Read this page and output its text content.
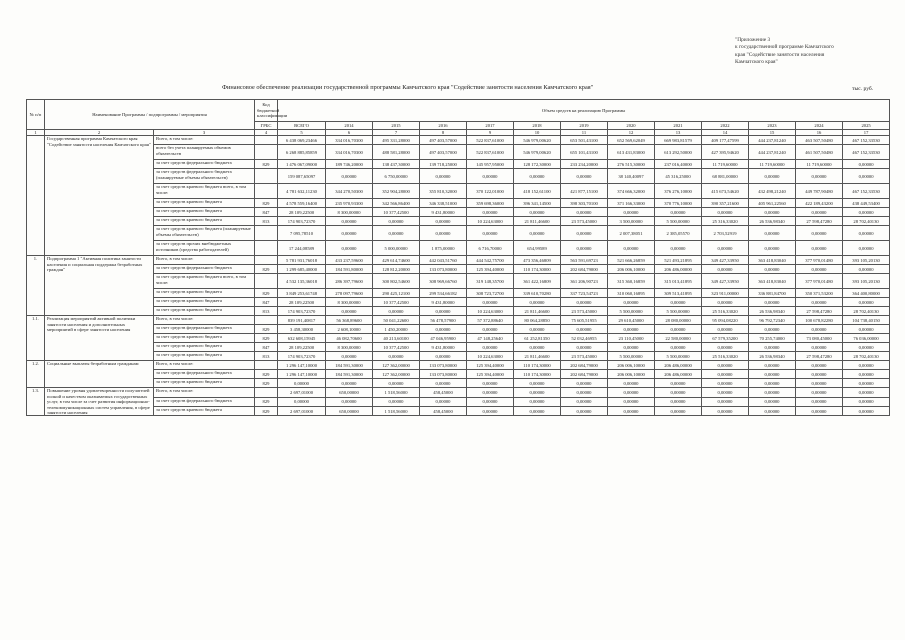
"Приложение 3
к государственной программе Камчатского
края "Содействие занятости населения
Камчатского края"
Финансовое обеспечение реализации государственной программы Камчатского края "Содействие занятости населения Камчатского края"	тыс. руб.
№ п/п	Наименование Программы / подпрограммы / мероприятия		Код бюджетной классификации	Объем средств на реализацию Программы												
			ГРБС	ВСЕГО	2014	2015	2016	2017	2018	2019	2020	2021	2022	2023	2024	2025
1	2	3	4	5	6	7	8	9	10	11	12	13	14	15	16	17
	Государственная программа Камчатского края "Содействие занятости населения Камчатского края"	Всего, в том числе:		6 438 069,23466	334 016,70300	495 331,28000	497 403,57000	522 837,61000	546 979,00620	653 501,43100	652 569,62049	669 983,81579	409 177,47599	444 237,81240	463 507,50480	467 152,33530
		всего без учета планируемых объемов обязательств		6 268 885,85859	334 016,70300	488 581,28000	497 403,57000	522 837,61000	546 979,00620	655 101,43100	613 431,83000	613 292,50000	427 395,94620	444 237,81240	461 507,50480	467 152,33530
		за счет средств федерального бюджета	829	1 476 067,09000	189 746,20000	138 437,30000	139 718,25000	145 957,95000	128 172,30000	233 234,20000	276 515,30000	237 016,40000	11 719,60000	11 719,60000	11 719,60000	0,00000
		за счет средств федерального бюджета (планируемые объемы обязательств)		159 087,65097	0,00000	6 750,00000	0,00000	0,00000	0,00000	0,00000	38 140,40097	45 316,25000	68 881,00000	0,00000	0,00000	0,00000
		за счет средств краевого бюджета всего, в том числе:		4 781 632,11230	344 270,50300	352 904,28000	355 810,32000	370 122,01000	418 152,61100	421 877,15100	374 666,32000	376 276,10000	415 673,54620	432 498,21240	449 787,90480	467 152,33530
		за счет средств краевого бюджета	829	4 578 559,16400	235 970,93300	342 566,86400	346 338,51000	359 698,36000	396 341,14500	398 303,70100	371 166,33000	370 776,10000	390 357,21600	405 961,22560	422 189,43200	438 449,53400
		за счет средств краевого бюджета	847	28 109,22500	8 300,00000	10 377,42500	9 431,80000	0,00000	0,00000	0,00000	0,00000	0,00000	0,00000	0,00000	0,00000	0,00000
		за счет средств краевого бюджета	813	174 903,72370	0,00000	0,00000	0,00000	10 224,63000	21 811,46600	23 573,45000	3 500,00000	5 500,00000	25 316,33020	26 536,98340	27 598,47280	28 702,40130
		за счет средств краевого бюджета (планируемые объемы обязательств)		7 095,78510	0,00000	0,00000	0,00000	0,00000	0,00000	0,00000	2 007,38051	2 385,05570	2 703,52919	0,00000	0,00000	0,00000
		за счет средств прочих внебюджетных источников (средства работодателей)		17 244,08589	0,00000	5 000,00000	1 875,00000	6 716,70000	654,99589	0,00000	0,00000	0,00000	0,00000	0,00000	0,00000	0,00000
1.	Подпрограмма 1 "Активная политика занятости населения и социальная поддержка безработных граждан"	Всего, в том числе:		5 781 931,76018	433 237,59600	429 614,74600	442 043,51760	444 542,75700	473 356,46809	563 591,69723	521 666,26859	521 493,21895	349 427,33950	363 418,83040	377 970,01480	393 105,20130
		за счет средств федерального бюджета	829	1 299 685,40000	184 591,80000	128 812,20000	133 073,80000	125 394,40000	110 174,30000	202 684,79000	206 006,10000	206 486,00000	0,00000	0,00000	0,00000	0,00000
		за счет средств краевого бюджета всего, в том числе:		4 532 135,36018	286 397,79600	300 802,54600	308 969,66760	319 148,35700	361 422,16809	361 206,90723	315 360,16859	315 013,41895	349 427,33950	363 418,83040	377 970,01480	393 105,20130
		за счет средств краевого бюджета	829	3 849 253,61748	278 097,79600	290 425,12100	299 534,66182	308 723,72700	339 610,70280	337 723,54723	310 060,16895	309 513,41895	323 911,00000	336 881,84700	350 371,53200	364 400,80000
		за счет средств краевого бюджета	847	28 109,22500	8 300,00000	10 377,42500	9 431,80000	0,00000	0,00000	0,00000	0,00000	0,00000	0,00000	0,00000	0,00000	0,00000
		за счет средств краевого бюджета	813	174 903,72370	0,00000	0,00000	0,00000	10 224,63000	21 811,46600	23 573,45000	5 500,00000	5 500,00000	25 516,33020	26 536,98340	27 598,47280	28 702,40130
1.1.	Реализация мероприятий активной политики занятости населения и дополнительных мероприятий в сфере занятости населения	Всего, в том числе:		839 191,40817	56 368,89600	50 041,22600	56 478,57900	57 372,88640	80 064,28850	75 605,51955	29 610,45000	28 080,00000	95 094,08220	96 792,72340	100 678,82280	104 738,40150
		за счет средств федерального бюджета	829	3 458,30000	2 608,10000	1 450,20000	0,00000	0,00000	0,00000	0,00000	0,00000	0,00000	0,00000	0,00000	0,00000	0,00000
		за счет средств краевого бюджета	829	632 608,15945	46 082,70600	40 213,60100	47 046,95900	47 148,25640	61 252,81350	52 032,46955	23 110,45000	22 580,00000	67 579,35200	70 255,74000	73 080,45000	76 036,00000
		за счет средств краевого бюджета	847	28 109,22500	8 300,00000	10 377,42500	9 431,80000	0,00000	0,00000	0,00000	0,00000	0,00000	0,00000	0,00000	0,00000	0,00000
		за счет средств краевого бюджета	813	174 903,72370	0,00000	0,00000	0,00000	10 224,63000	21 811,46600	23 573,45000	5 500,00000	5 500,00000	25 516,33020	26 536,98340	27 598,47280	28 702,40130
1.2.	Социальные выплаты безработным гражданам	Всего, в том числе:		1 296 147,10000	184 591,30000	127 362,00000	133 073,80000	125 394,40000	110 174,30000	202 684,79000	206 006,10000	206 486,00000	0,00000	0,00000	0,00000	0,00000
		за счет средств федерального бюджета	829	1 296 147,10000	184 591,30000	127 362,00000	133 073,80000	125 394,40000	110 174,30000	202 684,79000	206 006,10000	206 486,00000	0,00000	0,00000	0,00000	0,00000
		за счет средств краевого бюджета	829	0,00000	0,00000	0,00000	0,00000	0,00000	0,00000	0,00000	0,00000	0,00000	0,00000	0,00000	0,00000	0,00000
1.3.	Повышение уровня удовлетворенности получателей полной и качеством оказываемых государственных услуг, в том числе за счет развития информационно-телекоммуникационных систем управления, в сфере занятости населения	Всего, в том числе:		2 697,01000	650,00000	1 518,56000	458,45000	0,00000	0,00000	0,00000	0,00000	0,00000	0,00000	0,00000	0,00000	0,00000
		за счет средств федерального бюджета	829	0,00000	0,00000	0,00000	0,00000	0,00000	0,00000	0,00000	0,00000	0,00000	0,00000	0,00000	0,00000	0,00000
		за счет средств краевого бюджета	829	2 697,01000	650,00000	1 518,56000	458,45000	0,00000	0,00000	0,00000	0,00000	0,00000	0,00000	0,00000	0,00000	0,00000
